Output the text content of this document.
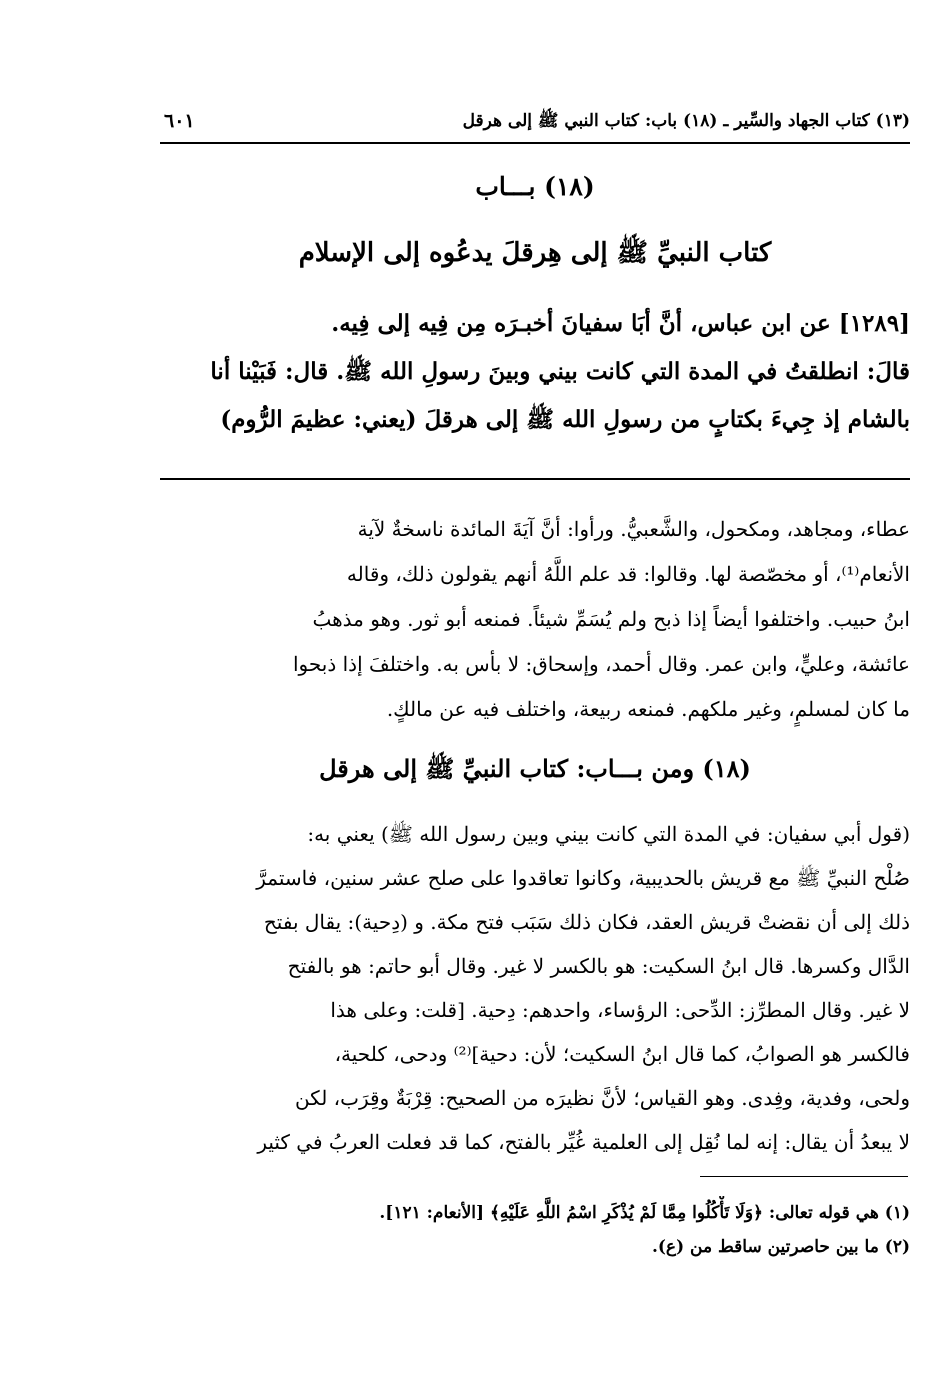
(١٣) كتاب الجهاد والسِّير ـ (١٨) باب: كتاب النبي ﷺ إلى هرقل
٦٠١
(١٨) بـــاب
كتاب النبيِّ ﷺ إلى هِرقلَ يدعُوه إلى الإسلام
[١٢٨٩] عن ابن عباس، أنَّ أبَا سفيانَ أخبـرَه مِن فِيه إلى فِيه.
قالَ: انطلقتُ في المدة التي كانت بيني وبينَ رسولِ الله ﷺ. قال: فَبَيْنا أنا
بالشام إذ جِيءَ بكتابٍ من رسولِ الله ﷺ إلى هرقلَ (يعني: عظيمَ الرُّوم)
عطاء، ومجاهد، ومكحول، والشَّعبيُّ. ورأوا: أنَّ آيَةَ المائدة ناسخةٌ لآية
الأنعام⁽¹⁾، أو مخصّصة لها. وقالوا: قد علم اللَّهُ أنهم يقولون ذلك، وقاله
ابنُ حبيب. واختلفوا أيضاً إذا ذبح ولم يُسَمِّ شيئاً. فمنعه أبو ثور. وهو مذهبُ
عائشة، وعليٍّ، وابن عمر. وقال أحمد، وإسحاق: لا بأس به. واختلفَ إذا ذبحوا
ما كان لمسلمٍ، وغير ملكهم. فمنعه ربيعة، واختلف فيه عن مالكٍ.
(١٨) ومن بـــاب: كتاب النبيِّ ﷺ إلى هرقل
(قول أبي سفيان: في المدة التي كانت بيني وبين رسول الله ﷺ) يعني به:
صُلْح النبيِّ ﷺ مع قريش بالحديبية، وكانوا تعاقدوا على صلح عشر سنين، فاستمرَّ
ذلك إلى أن نقضتْ قريش العقد، فكان ذلك سَبَب فتح مكة. و (دِحية): يقال بفتح
الدَّال وكسرها. قال ابنُ السكيت: هو بالكسر لا غير. وقال أبو حاتم: هو بالفتح
لا غير. وقال المطرِّز: الدِّحى: الرؤساء، واحدهم: دِحية. [قلت: وعلى هذا
فالكسر هو الصوابُ، كما قال ابنُ السكيت؛ لأن: دحية]⁽²⁾ ودحى، كلحية،
ولحى، وفدية، وفِدى. وهو القياس؛ لأنَّ نظيرَه من الصحيح: قِرْبَةٌ وقِرَب، لكن
لا يبعدُ أن يقال: إنه لما نُقِل إلى العلمية غُيِّر بالفتح، كما قد فعلت العربُ في كثير
(١) هي قوله تعالى: ﴿وَلَا تَأْكُلُوا مِمَّا لَمْ يُذْكَرِ اسْمُ اللَّهِ عَلَيْهِ﴾ [الأنعام: ١٢١].
(٢) ما بين حاصرتين ساقط من (ع).
